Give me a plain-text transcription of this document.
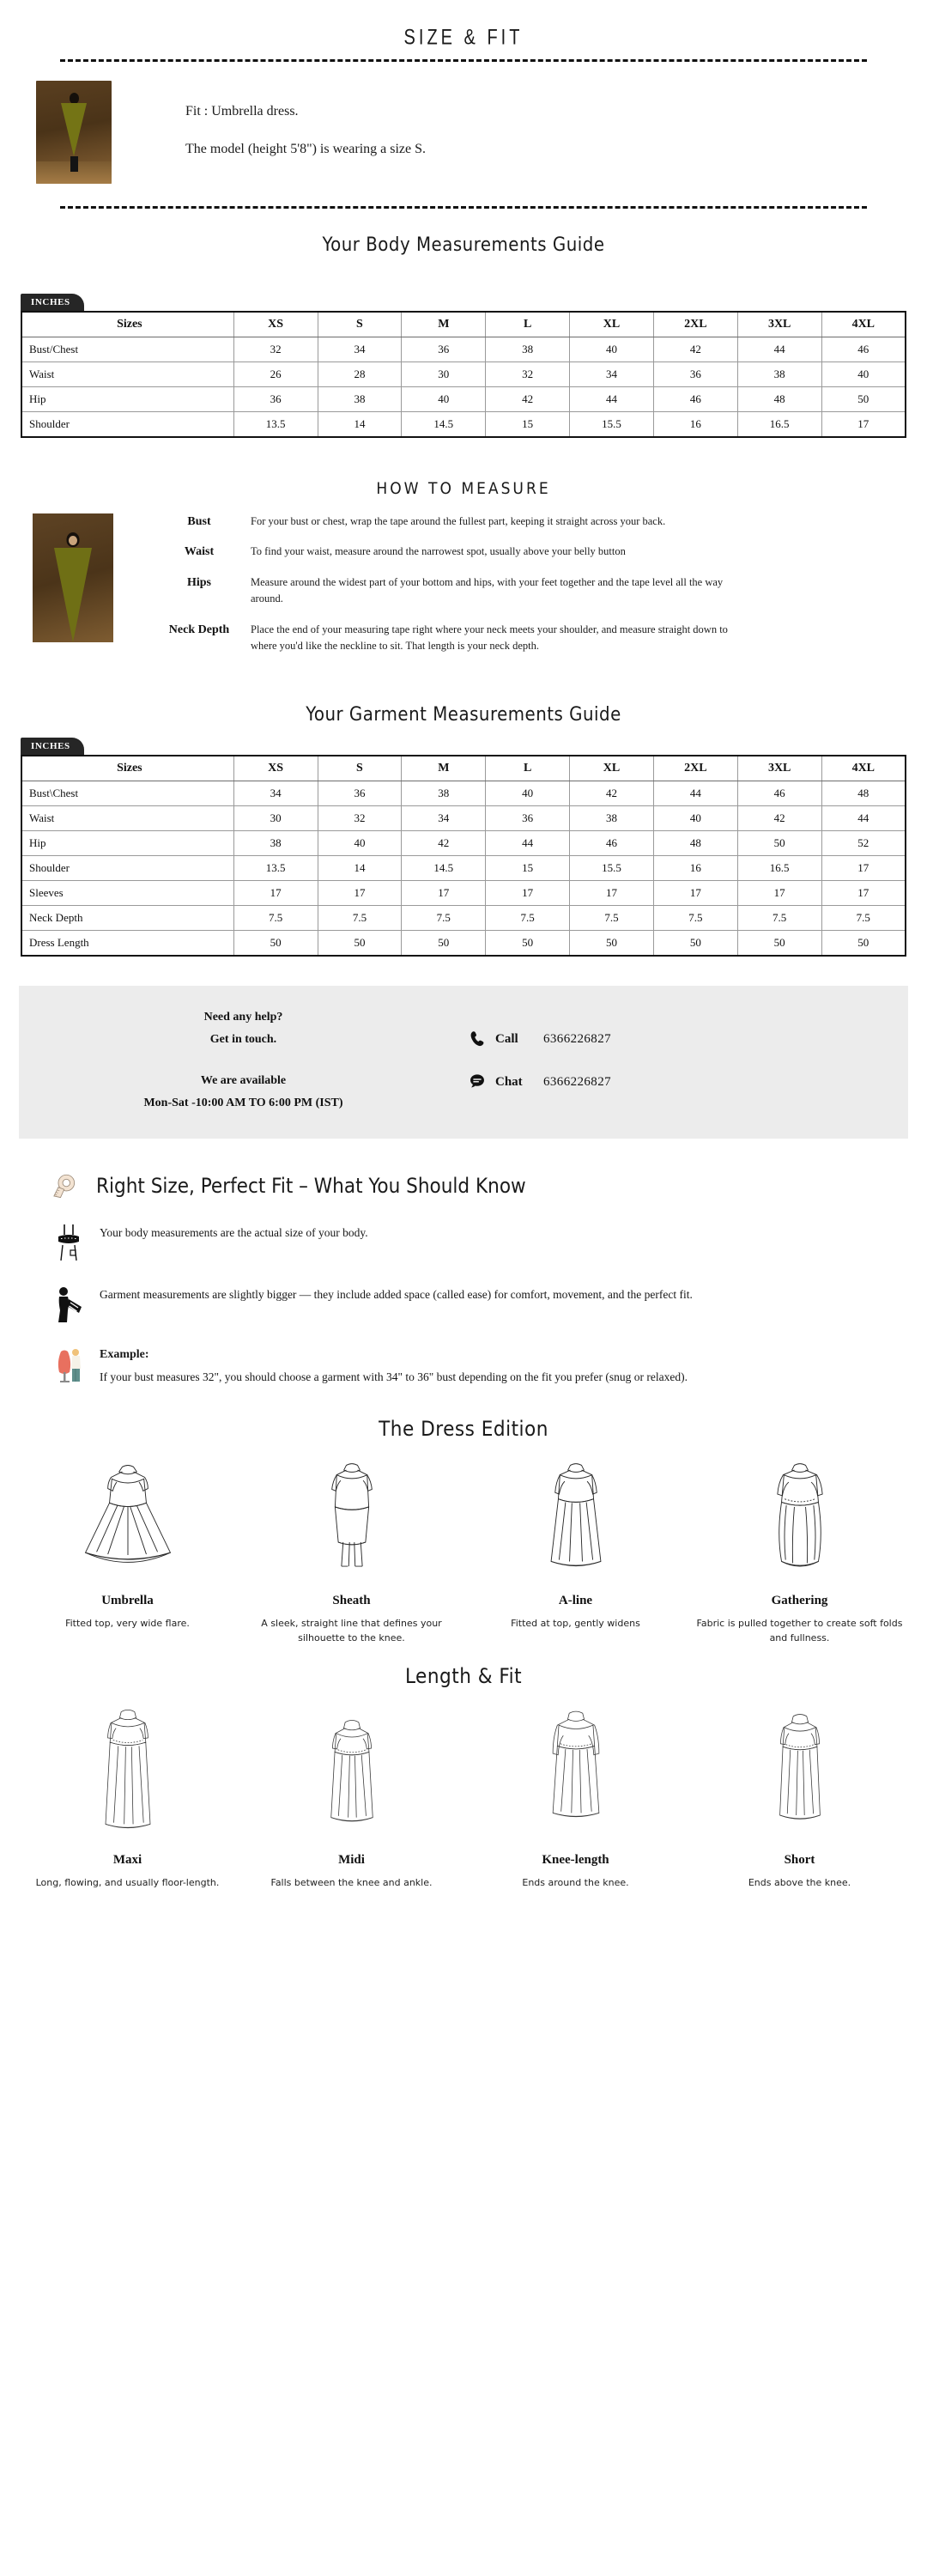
SIZE & FIT

Fit : Umbrella dress.

The model (height 5'8") is wearing a size S.

Your Body Measurements Guide
INCHES
Sizes	XS	S	M	L	XL	2XL	3XL	4XL
Bust/Chest	32	34	36	38	40	42	44	46
Waist	26	28	30	32	34	36	38	40
Hip	36	38	40	42	44	46	48	50
Shoulder	13.5	14	14.5	15	15.5	16	16.5	17
HOW TO MEASURE
Bust	For your bust or chest, wrap the tape around the fullest part, keeping it straight across your back.
Waist	To find your waist, measure around the narrowest spot, usually above your belly button
Hips	Measure around the widest part of your bottom and hips, with your feet together and the tape level all the way around.
Neck Depth	Place the end of your measuring tape right where your neck meets your shoulder, and measure straight down to where you'd like the neckline to sit. That length is your neck depth.
Your Garment Measurements Guide
INCHES
Sizes	XS	S	M	L	XL	2XL	3XL	4XL
Bust\Chest	34	36	38	40	42	44	46	48
Waist	30	32	34	36	38	40	42	44
Hip	38	40	42	44	46	48	50	52
Shoulder	13.5	14	14.5	15	15.5	16	16.5	17
Sleeves	17	17	17	17	17	17	17	17
Neck Depth	7.5	7.5	7.5	7.5	7.5	7.5	7.5	7.5
Dress Length	50	50	50	50	50	50	50	50
Need any help?
Get in touch.
We are available
Mon-Sat -10:00 AM TO 6:00 PM (IST)
Call	6366226827
Chat	6366226827
Right Size, Perfect Fit – What You Should Know
Your body measurements are the actual size of your body.
Garment measurements are slightly bigger — they include added space (called ease) for comfort, movement, and the perfect fit.
Example:
If your bust measures 32", you should choose a garment with 34" to 36" bust depending on the fit you prefer (snug or relaxed).
The Dress Edition
Umbrella
Fitted top, very wide flare.
Sheath
A sleek, straight line that defines your silhouette to the knee.
A-line
Fitted at top, gently widens
Gathering
Fabric is pulled together to create soft folds and fullness.
Length & Fit
Maxi
Long, flowing, and usually floor-length.
Midi
Falls between the knee and ankle.
Knee-length
Ends around the knee.
Short
Ends above the knee.
